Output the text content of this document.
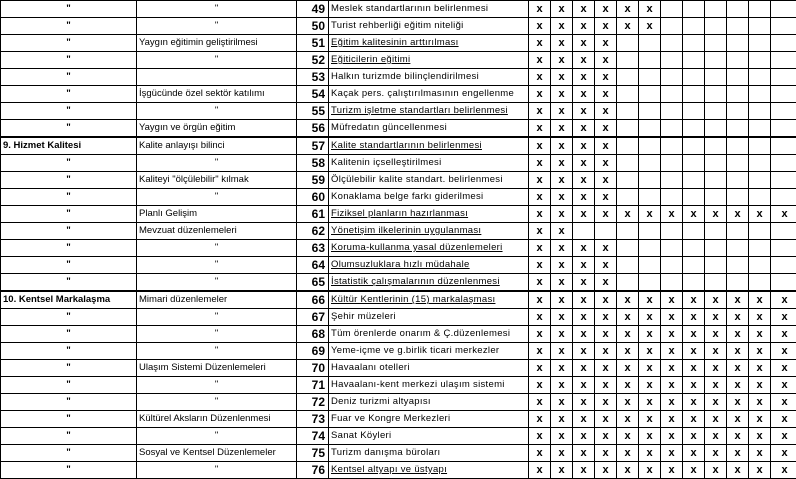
"	"	49	Meslek standartlarının belirlenmesi	x	x	x	x	x	x						
"	"	50	Turist rehberliği eğitim niteliği	x	x	x	x	x	x						
"	Yaygın eğitimin geliştirilmesi	51	Eğitim kalitesinin arttırılması	x	x	x	x								
"	"	52	Eğiticilerin eğitimi	x	x	x	x								
"		53	Halkın turizmde bilinçlendirilmesi	x	x	x	x								
"	İşgücünde özel sektör katılımı	54	Kaçak pers. çalıştırılmasının engellenme	x	x	x	x								
"	"	55	Turizm işletme standartları belirlenmesi	x	x	x	x								
"	Yaygın ve örgün eğitim	56	Müfredatın güncellenmesi	x	x	x	x								
9. Hizmet Kalitesi	Kalite anlayışı bilinci	57	Kalite standartlarının belirlenmesi	x	x	x	x								
"	"	58	Kalitenin içselleştirilmesi	x	x	x	x								
"	Kaliteyi "ölçülebilir" kılmak	59	Ölçülebilir kalite standart. belirlenmesi	x	x	x	x								
"	"	60	Konaklama belge farkı giderilmesi	x	x	x	x								
"	Planlı Gelişim	61	Fiziksel planların hazırlanması	x	x	x	x	x	x	x	x	x	x	x	x
"	Mevzuat düzenlemeleri	62	Yönetişim ilkelerinin uygulanması	x	x										
"	"	63	Koruma-kullanma yasal düzenlemeleri	x	x	x	x								
"	"	64	Olumsuzluklara hızlı müdahale	x	x	x	x								
"	"	65	İstatistik çalışmalarının düzenlenmesi	x	x	x	x								
10. Kentsel Markalaşma	Mimari düzenlemeler	66	Kültür Kentlerinin (15) markalaşması	x	x	x	x	x	x	x	x	x	x	x	x
"	"	67	Şehir müzeleri	x	x	x	x	x	x	x	x	x	x	x	x
"	"	68	Tüm örenlerde onarım & Ç.düzenlemesi	x	x	x	x	x	x	x	x	x	x	x	x
"	"	69	Yeme-içme ve g.birlik ticari merkezler	x	x	x	x	x	x	x	x	x	x	x	x
"	Ulaşım Sistemi Düzenlemeleri	70	Havaalanı otelleri	x	x	x	x	x	x	x	x	x	x	x	x
"	"	71	Havaalanı-kent merkezi ulaşım sistemi	x	x	x	x	x	x	x	x	x	x	x	x
"	"	72	Deniz turizmi altyapısı	x	x	x	x	x	x	x	x	x	x	x	x
"	Kültürel Aksların Düzenlenmesi	73	Fuar ve Kongre Merkezleri	x	x	x	x	x	x	x	x	x	x	x	x
"	"	74	Sanat Köyleri	x	x	x	x	x	x	x	x	x	x	x	x
"	Sosyal ve Kentsel Düzenlemeler	75	Turizm danışma büroları	x	x	x	x	x	x	x	x	x	x	x	x
"	"	76	Kentsel altyapı ve üstyapı	x	x	x	x	x	x	x	x	x	x	x	x
